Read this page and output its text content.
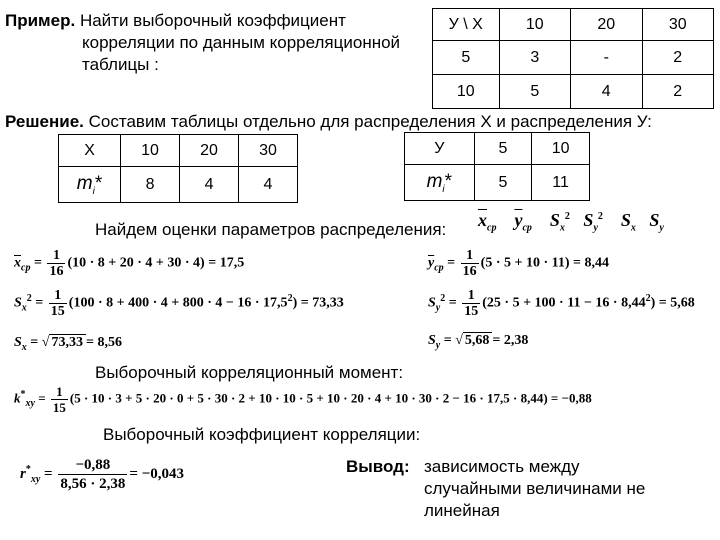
Пример. Найти выборочный коэффициент
корреляции по данным корреляционной
таблицы :
У \ Х	10	20	30
5	3	-	2
10	5	4	2
Решение. Составим таблицы отдельно для распределения Х и распределения У:
Х	10	20	30
$m_i*$	8	4	4
У	5	10
$m_i*$	5	11
Найдем оценки параметров распределения: $\overline{x}_{ср}$ $\overline{y}_{ср}$ $S_x^2$ $S_y^2$ $S_x$ $S_y$
$\overline{x}_{ср} = \frac{1}{16} (10 \cdot 8 + 20 \cdot 4 + 30 \cdot 4) = 17,5$
$S_x^2 = \frac{1}{15} (100 \cdot 8 + 400 \cdot 4 + 800 \cdot 4 - 16 \cdot 17,5^2) = 73,33$
$S_x$ = √ 73,33 = 8,56
$\overline{y}_{ср} = \frac{1}{16} (5 \cdot 5 + 10 \cdot 11) = 8,44$
$S_y^2 = \frac{1}{15} (25 \cdot 5 + 100 \cdot 11 - 16 \cdot 8,44^2) = 5,68$
$S_y$ = √ 5,68 = 2,38
Выборочный корреляционный момент:
$k^*_{xy} = \frac{1}{15} (5 \cdot 10 \cdot 3 + 5 \cdot 20 \cdot 0 + 5 \cdot 30 \cdot 2 + 10 \cdot 10 \cdot 5 + 10 \cdot 20 \cdot 4 + 10 \cdot 30 \cdot 2 - 16 \cdot 17,5 \cdot 8,44) = -0,88$
Выборочный коэффициент корреляции:
$r^*_{xy} = \frac{-0,88}{8,56 \cdot 2,38} = -0,043$	Вывод: зависимость между
случайными величинами не
линейная
